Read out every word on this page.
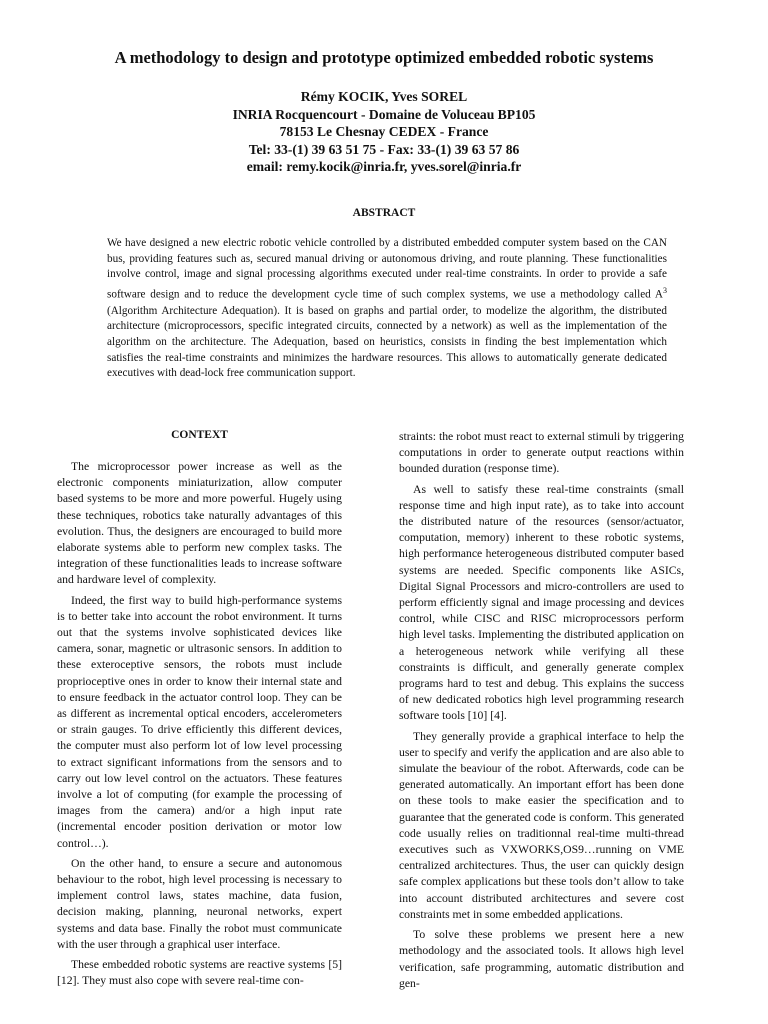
A methodology to design and prototype optimized embedded robotic systems
Rémy KOCIK, Yves SOREL
INRIA Rocquencourt - Domaine de Voluceau BP105
78153 Le Chesnay CEDEX - France
Tel: 33-(1) 39 63 51 75 - Fax: 33-(1) 39 63 57 86
email: remy.kocik@inria.fr, yves.sorel@inria.fr
ABSTRACT
We have designed a new electric robotic vehicle controlled by a distributed embedded computer system based on the CAN bus, providing features such as, secured manual driving or autonomous driving, and route planning. These functionalities involve control, image and signal processing algorithms executed under real-time constraints. In order to provide a safe software design and to reduce the development cycle time of such complex systems, we use a methodology called $A^3$ (Algorithm Architecture Adequation). It is based on graphs and partial order, to modelize the algorithm, the distributed architecture (microprocessors, specific integrated circuits, connected by a network) as well as the implementation of the algorithm on the architecture. The Adequation, based on heuristics, consists in finding the best implementation which satisfies the real-time constraints and minimizes the hardware resources. This allows to automatically generate dedicated executives with dead-lock free communication support.
CONTEXT

The microprocessor power increase as well as the electronic components miniaturization, allow computer based systems to be more and more powerful. Hugely using these techniques, robotics take naturally advantages of this evolution. Thus, the designers are encouraged to build more elaborate systems able to perform new complex tasks. The integration of these functionalities leads to increase software and hardware level of complexity.

Indeed, the first way to build high-performance systems is to better take into account the robot environment. It turns out that the systems involve sophisticated devices like camera, sonar, magnetic or ultrasonic sensors. In addition to these exteroceptive sensors, the robots must include proprioceptive ones in order to know their internal state and to ensure feedback in the actuator control loop. They can be as different as incremental optical encoders, accelerometers or strain gauges. To drive efficiently this different devices, the computer must also perform lot of low level processing to extract significant informations from the sensors and to carry out low level control on the actuators. These features involve a lot of computing (for example the processing of images from the camera) and/or a high input rate (incremental encoder position derivation or motor low control…).

On the other hand, to ensure a secure and autonomous behaviour to the robot, high level processing is necessary to implement control laws, states machine, data fusion, decision making, planning, neuronal networks, expert systems and data base. Finally the robot must communicate with the user through a graphical user interface.

These embedded robotic systems are reactive systems [5][12]. They must also cope with severe real-time con-

straints: the robot must react to external stimuli by triggering computations in order to generate output reactions within bounded duration (response time).

As well to satisfy these real-time constraints (small response time and high input rate), as to take into account the distributed nature of the resources (sensor/actuator, computation, memory) inherent to these robotic systems, high performance heterogeneous distributed computer based systems are needed. Specific components like ASICs, Digital Signal Processors and micro-controllers are used to perform efficiently signal and image processing and devices control, while CISC and RISC microprocessors perform high level tasks. Implementing the distributed application on a heterogeneous network while verifying all these constraints is difficult, and generally generate complex programs hard to test and debug. This explains the success of new dedicated robotics high level programming research software tools [10] [4].

They generally provide a graphical interface to help the user to specify and verify the application and are also able to simulate the beaviour of the robot. Afterwards, code can be generated automatically. An important effort has been done on these tools to make easier the specification and to guarantee that the generated code is conform. This generated code usually relies on traditionnal real-time multi-thread executives such as VXWORKS,OS9…running on VME centralized architectures. Thus, the user can quickly design safe complex applications but these tools don’t allow to take into account distributed architectures and severe cost constraints met in some embedded applications.

To solve these problems we present here a new methodology and the associated tools. It allows high level verification, safe programming, automatic distribution and gen-
